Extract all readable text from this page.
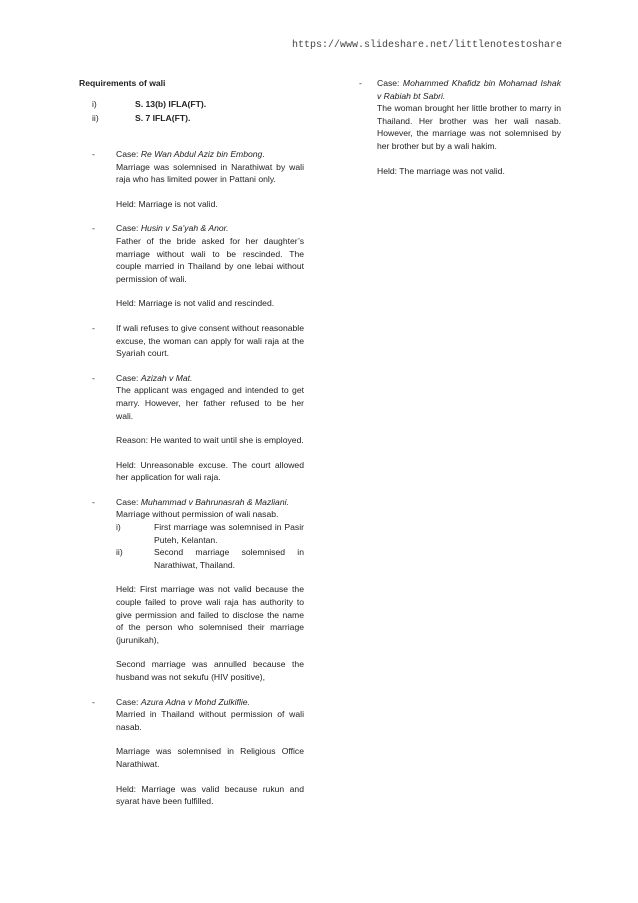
https://www.slideshare.net/littlenotestoshare
Requirements of wali
i)	S. 13(b) IFLA(FT).
ii)	S. 7 IFLA(FT).
-	Case: Re Wan Abdul Aziz bin Embong.
Marriage was solemnised in Narathiwat by wali raja who has limited power in Pattani only.
Held: Marriage is not valid.
-	Case: Husin v Sa’yah & Anor.
Father of the bride asked for her daughter’s marriage without wali to be rescinded. The couple married in Thailand by one lebai without permission of wali.
Held: Marriage is not valid and rescinded.
-	If wali refuses to give consent without reasonable excuse, the woman can apply for wali raja at the Syariah court.
-	Case: Azizah v Mat.
The applicant was engaged and intended to get marry. However, her father refused to be her wali.
Reason: He wanted to wait until she is employed.
Held: Unreasonable excuse. The court allowed her application for wali raja.
-	Case: Muhammad v Bahrunasrah & Mazliani.
Marriage without permission of wali nasab.
i)	First marriage was solemnised in Pasir Puteh, Kelantan.
ii)	Second marriage solemnised in Narathiwat, Thailand.
Held: First marriage was not valid because the couple failed to prove wali raja has authority to give permission and failed to disclose the name of the person who solemnised their marriage (jurunikah),
Second marriage was annulled because the husband was not sekufu (HIV positive),
-	Case: Azura Adna v Mohd Zulkiflie.
Married in Thailand without permission of wali nasab.
Marriage was solemnised in Religious Office Narathiwat.
Held: Marriage was valid because rukun and syarat have been fulfilled.
-	Case: Mohammed Khafidz bin Mohamad Ishak v Rabiah bt Sabri.
The woman brought her little brother to marry in Thailand. Her brother was her wali nasab. However, the marriage was not solemnised by her brother but by a wali hakim.
Held: The marriage was not valid.
